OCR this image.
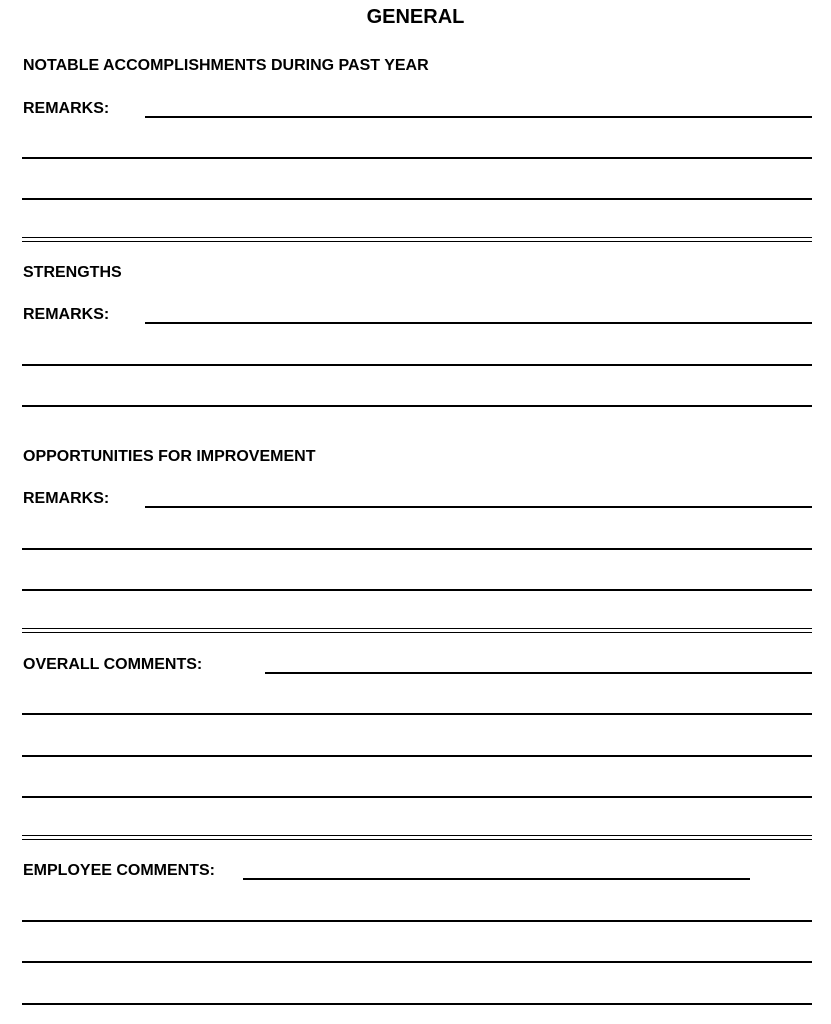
GENERAL
NOTABLE ACCOMPLISHMENTS DURING PAST YEAR
REMARKS:
STRENGTHS
REMARKS:
OPPORTUNITIES FOR IMPROVEMENT
REMARKS:
OVERALL COMMENTS:
EMPLOYEE COMMENTS:
